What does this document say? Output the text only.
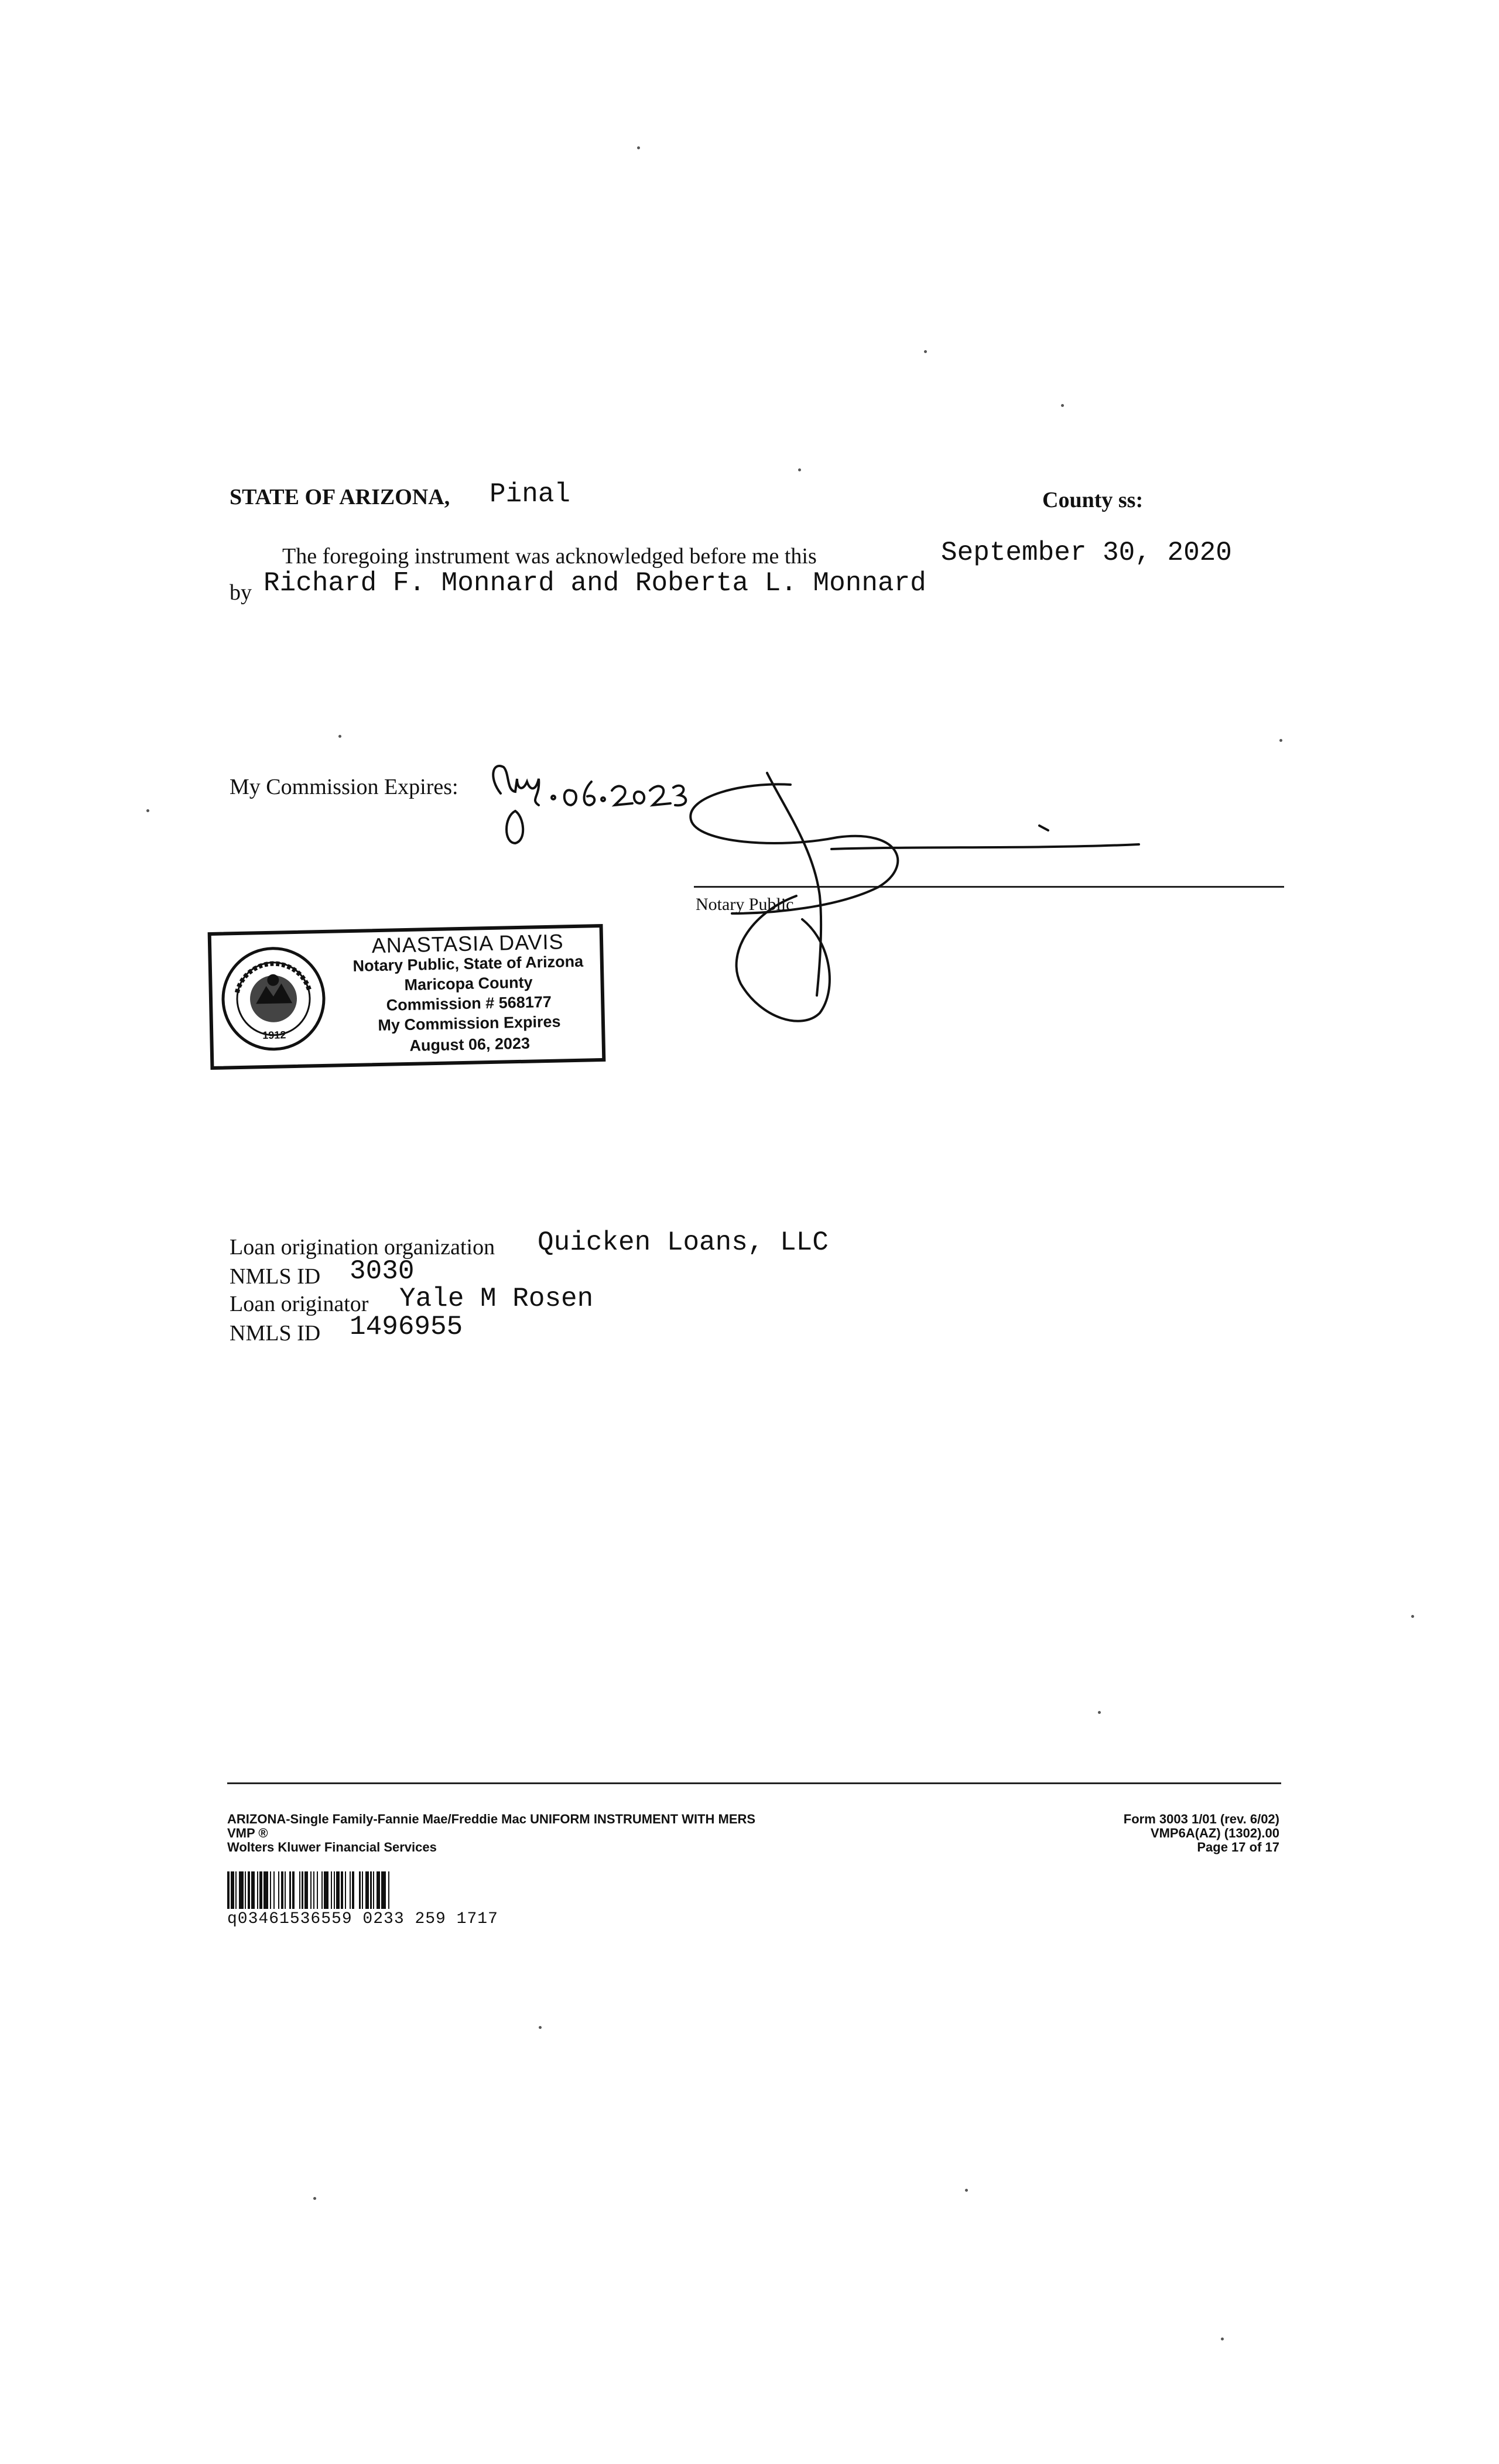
STATE OF ARIZONA, Pinal	County ss:
The foregoing instrument was acknowledged before me this	September 30, 2020
by Richard F. Monnard and Roberta L. Monnard
My Commission Expires:
Notary Public
1912
ANASTASIA DAVIS
Notary Public, State of Arizona
Maricopa County
Commission # 568177
My Commission Expires
August 06, 2023
Loan origination organization Quicken Loans, LLC
NMLS ID 3030
Loan originator Yale M Rosen
NMLS ID 1496955
ARIZONA-Single Family-Fannie Mae/Freddie Mac UNIFORM INSTRUMENT WITH MERS
VMP ®
Wolters Kluwer Financial Services
Form 3003 1/01 (rev. 6/02)
VMP6A(AZ) (1302).00
Page 17 of 17
q03461536559 0233 259 1717
